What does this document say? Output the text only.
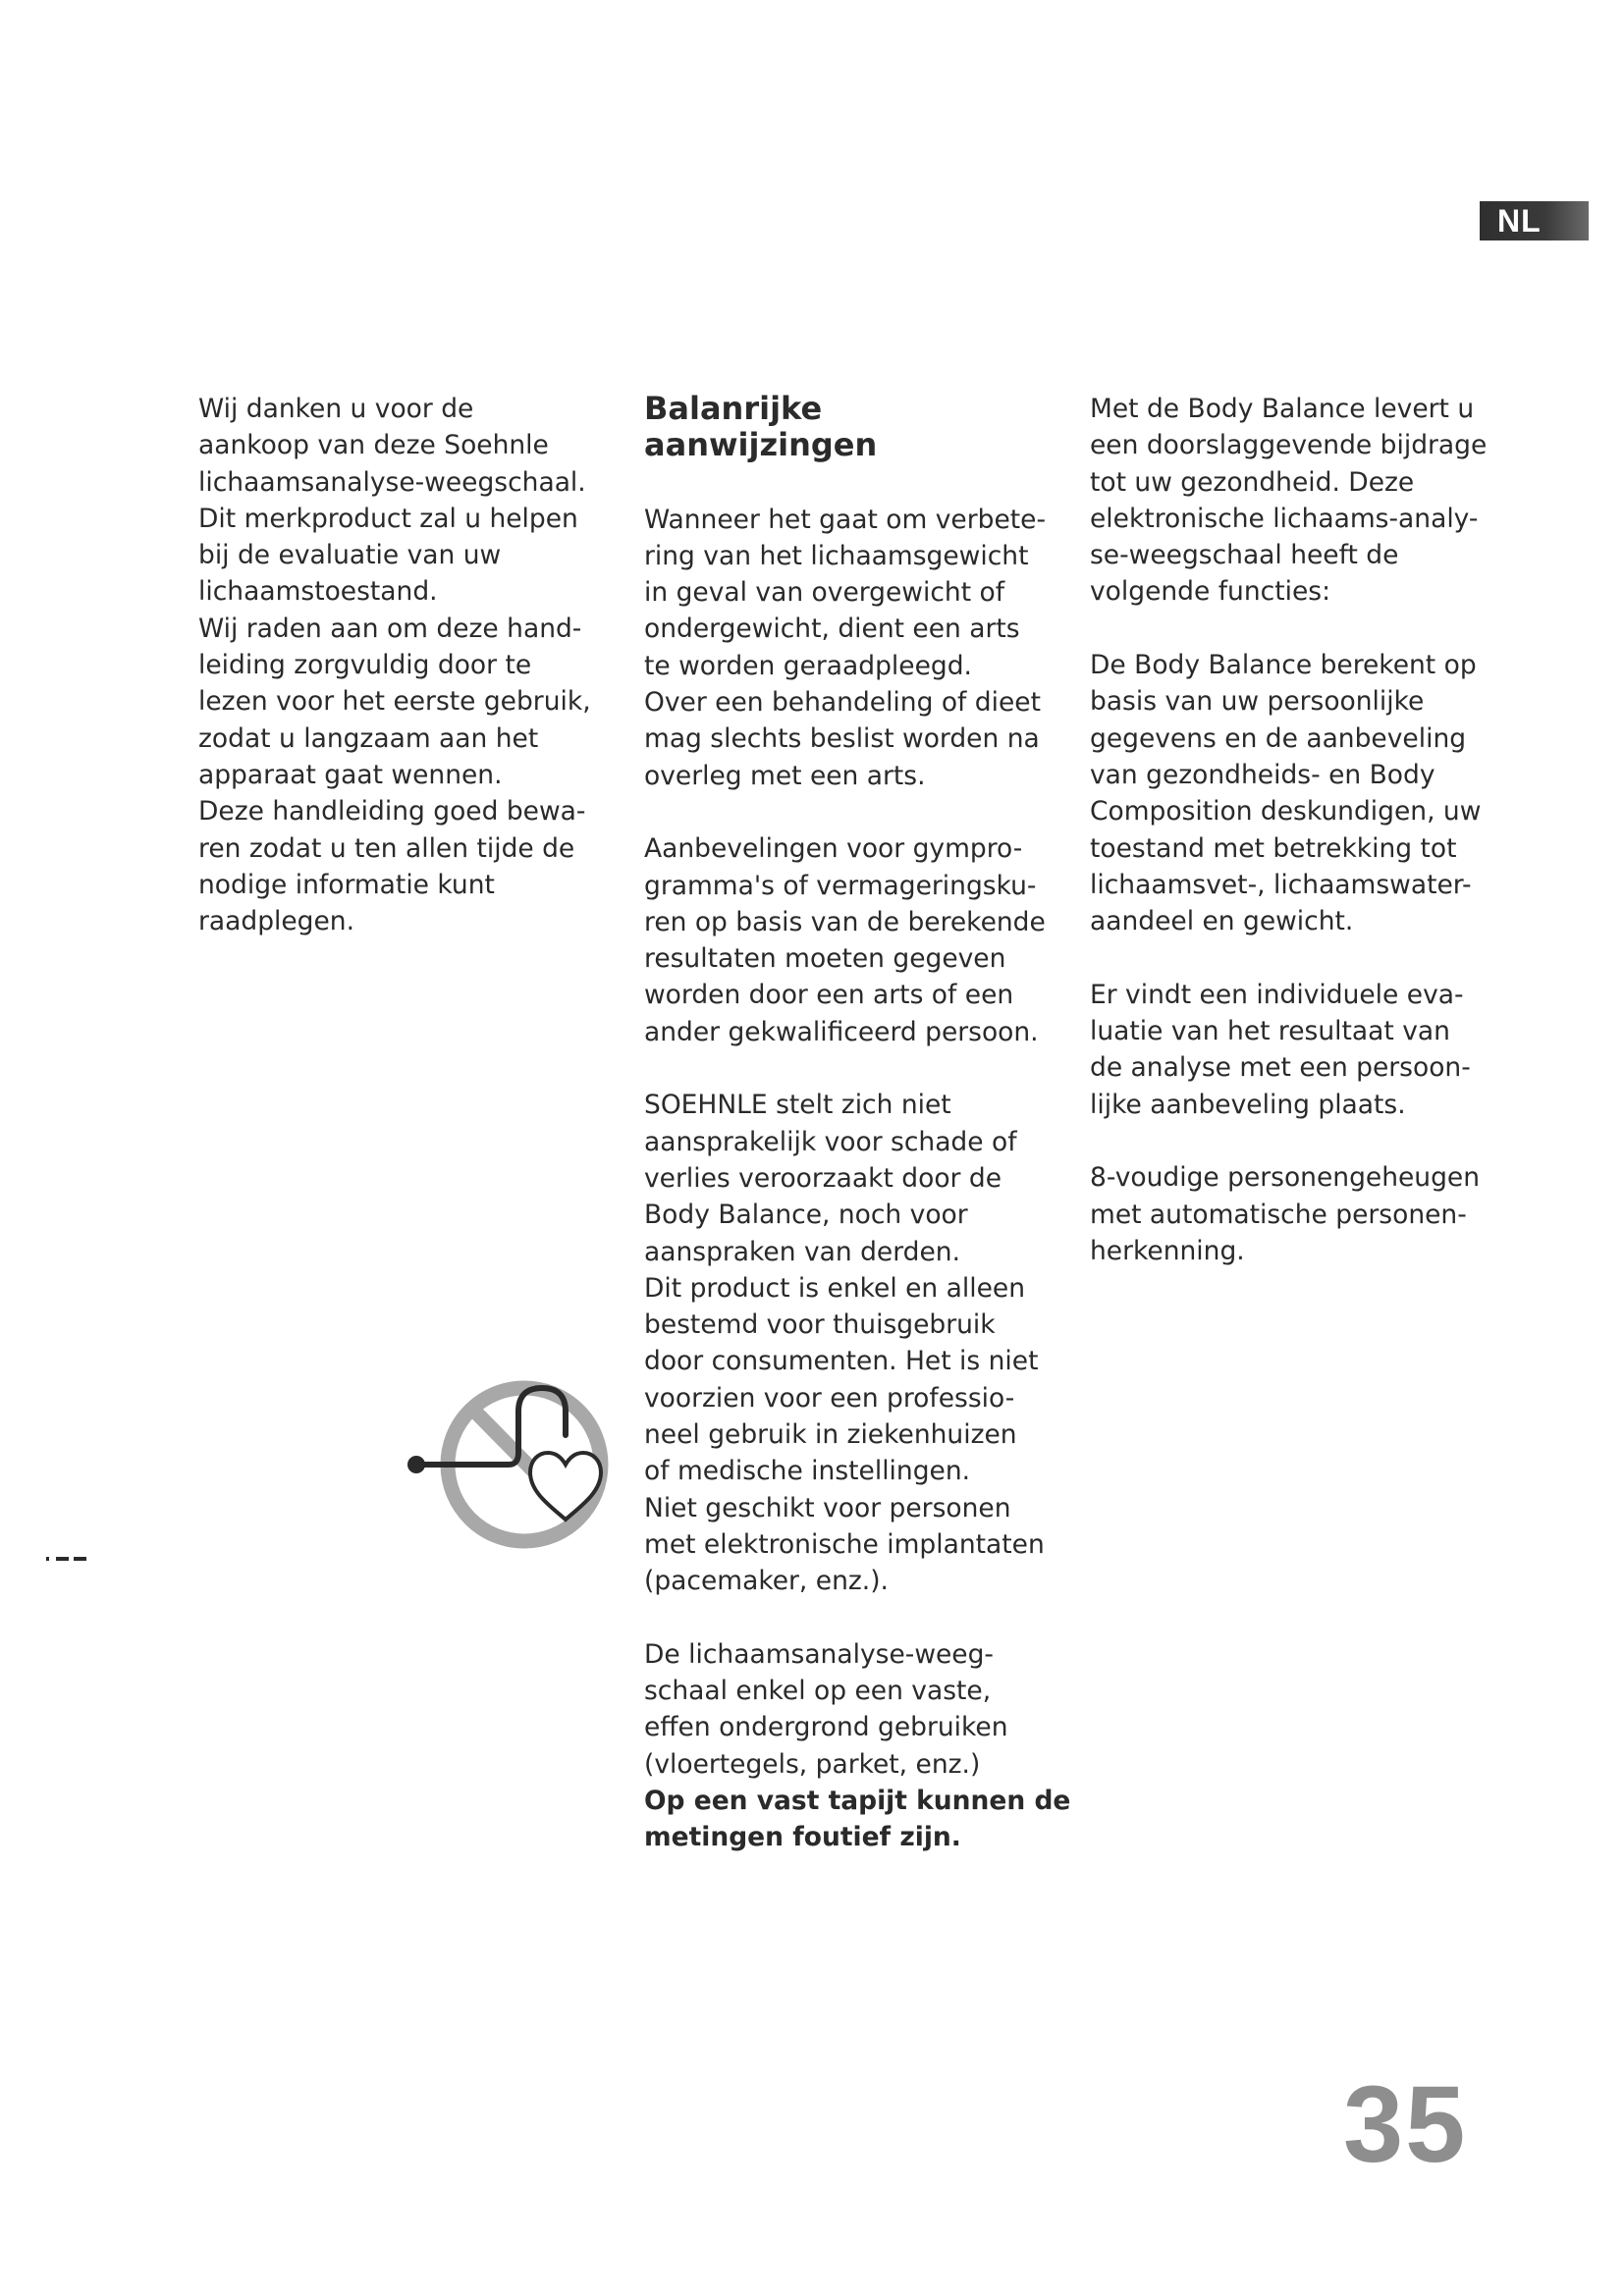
NL

Wij danken u voor de
aankoop van deze Soehnle
lichaamsanalyse-weegschaal.
Dit merkproduct zal u helpen
bij de evaluatie van uw
lichaamstoestand.
Wij raden aan om deze hand-
leiding zorgvuldig door te
lezen voor het eerste gebruik,
zodat u langzaam aan het
apparaat gaat wennen.
Deze handleiding goed bewa-
ren zodat u ten allen tijde de
nodige informatie kunt
raadplegen.

Balanrijke aanwijzingen

Wanneer het gaat om verbete-
ring van het lichaamsgewicht
in geval van overgewicht of
ondergewicht, dient een arts
te worden geraadpleegd.
Over een behandeling of dieet
mag slechts beslist worden na
overleg met een arts.

Aanbevelingen voor gympro-
gramma's of vermageringsku-
ren op basis van de berekende
resultaten moeten gegeven
worden door een arts of een
ander gekwalificeerd persoon.

SOEHNLE stelt zich niet
aansprakelijk voor schade of
verlies veroorzaakt door de
Body Balance, noch voor
aanspraken van derden.
Dit product is enkel en alleen
bestemd voor thuisgebruik
door consumenten. Het is niet
voorzien voor een professio-
neel gebruik in ziekenhuizen
of medische instellingen.
Niet geschikt voor personen
met elektronische implantaten
(pacemaker, enz.).

De lichaamsanalyse-weeg-
schaal enkel op een vaste,
effen ondergrond gebruiken
(vloertegels, parket, enz.)
Op een vast tapijt kunnen de
metingen foutief zijn.

Met de Body Balance levert u
een doorslaggevende bijdrage
tot uw gezondheid. Deze
elektronische lichaams-analy-
se-weegschaal heeft de
volgende functies:

De Body Balance berekent op
basis van uw persoonlijke
gegevens en de aanbeveling
van gezondheids- en Body
Composition deskundigen, uw
toestand met betrekking tot
lichaamsvet-, lichaamswater-
aandeel en gewicht.

Er vindt een individuele eva-
luatie van het resultaat van
de analyse met een persoon-
lijke aanbeveling plaats.

8-voudige personengeheugen
met automatische personen-
herkenning.

35
